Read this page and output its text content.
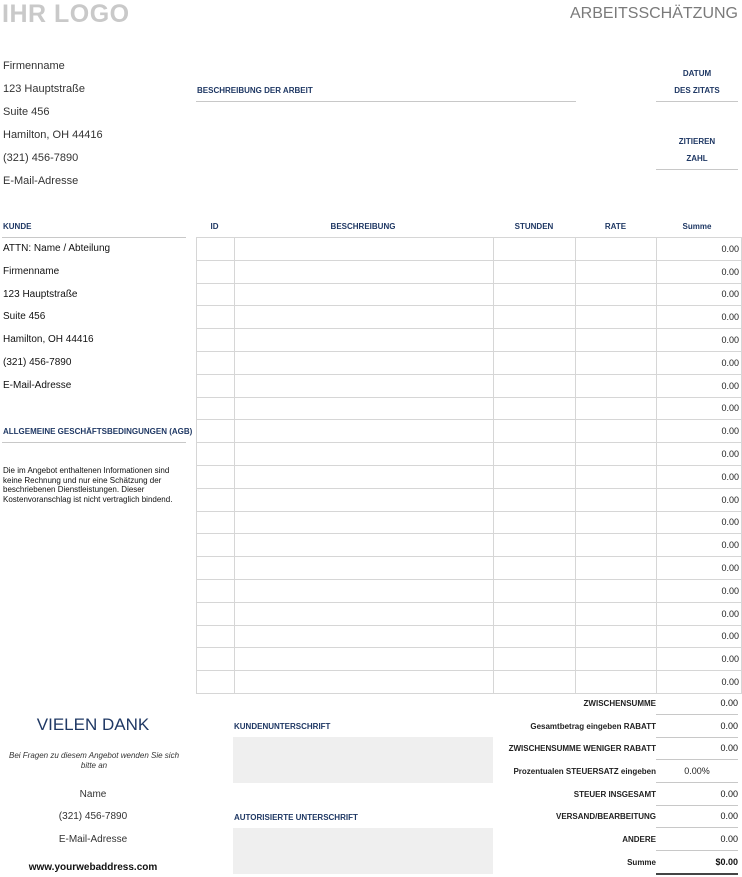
IHR LOGO	ARBEITSSCHÄTZUNG
Firmenname
123 Hauptstraße
Suite 456
Hamilton, OH 44416
(321) 456-7890
E-Mail-Adresse
BESCHREIBUNG DER ARBEIT
DATUM
DES ZITATS
ZITIEREN
ZAHL
KUNDE
ATTN: Name / Abteilung
Firmenname
123 Hauptstraße
Suite 456
Hamilton, OH 44416
(321) 456-7890
E-Mail-Adresse
ALLGEMEINE GESCHÄFTSBEDINGUNGEN (AGB)
Die im Angebot enthaltenen Informationen sind keine Rechnung und nur eine Schätzung der beschriebenen Dienstleistungen. Dieser Kostenvoranschlag ist nicht vertraglich bindend.
ID	BESCHREIBUNG	STUNDEN	RATE	Summe
				0.00
				0.00
				0.00
				0.00
				0.00
				0.00
				0.00
				0.00
				0.00
				0.00
				0.00
				0.00
				0.00
				0.00
				0.00
				0.00
				0.00
				0.00
				0.00
				0.00
ZWISCHENSUMME	0.00
Gesamtbetrag eingeben RABATT	0.00
ZWISCHENSUMME WENIGER RABATT	0.00
Prozentualen STEUERSATZ eingeben	0.00%
STEUER INSGESAMT	0.00
VERSAND/BEARBEITUNG	0.00
ANDERE	0.00
Summe	$0.00
KUNDENUNTERSCHRIFT
AUTORISIERTE UNTERSCHRIFT
VIELEN DANK
Bei Fragen zu diesem Angebot wenden Sie sich bitte an
Name
(321) 456-7890
E-Mail-Adresse
www.yourwebaddress.com
